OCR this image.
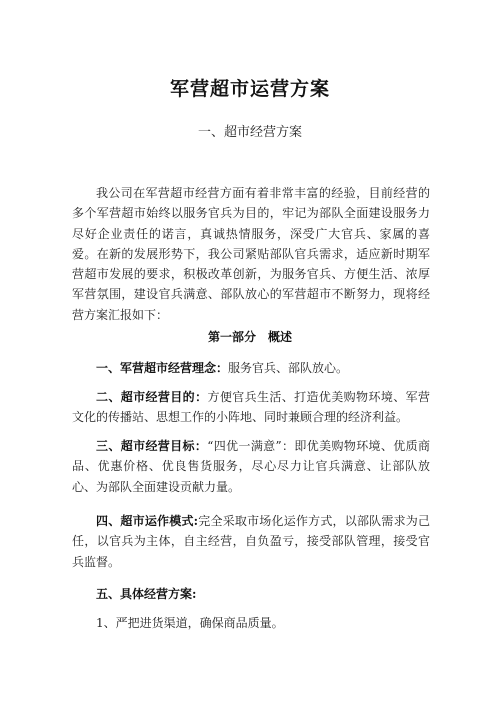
军营超市运营方案
一、超市经营方案
我公司在军营超市经营方面有着非常丰富的经验，目前经营的多个军营超市始终以服务官兵为目的，牢记为部队全面建设服务力尽好企业责任的诺言，真诚热情服务，深受广大官兵、家属的喜爱。在新的发展形势下，我公司紧贴部队官兵需求，适应新时期军营超市发展的要求，积极改革创新，为服务官兵、方便生活、浓厚军营氛围，建设官兵满意、部队放心的军营超市不断努力，现将经营方案汇报如下：
第一部分　概述
一、军营超市经营理念：服务官兵、部队放心。
二、超市经营目的：方便官兵生活、打造优美购物环境、军营文化的传播站、思想工作的小阵地、同时兼顾合理的经济利益。
三、超市经营目标：“四优一满意”：即优美购物环境、优质商品、优惠价格、优良售货服务，尽心尽力让官兵满意、让部队放心、为部队全面建设贡献力量。
四、超市运作模式:完全采取市场化运作方式，以部队需求为己任，以官兵为主体，自主经营，自负盈亏，接受部队管理，接受官兵监督。
五、具体经营方案:
1、严把进货渠道，确保商品质量。
